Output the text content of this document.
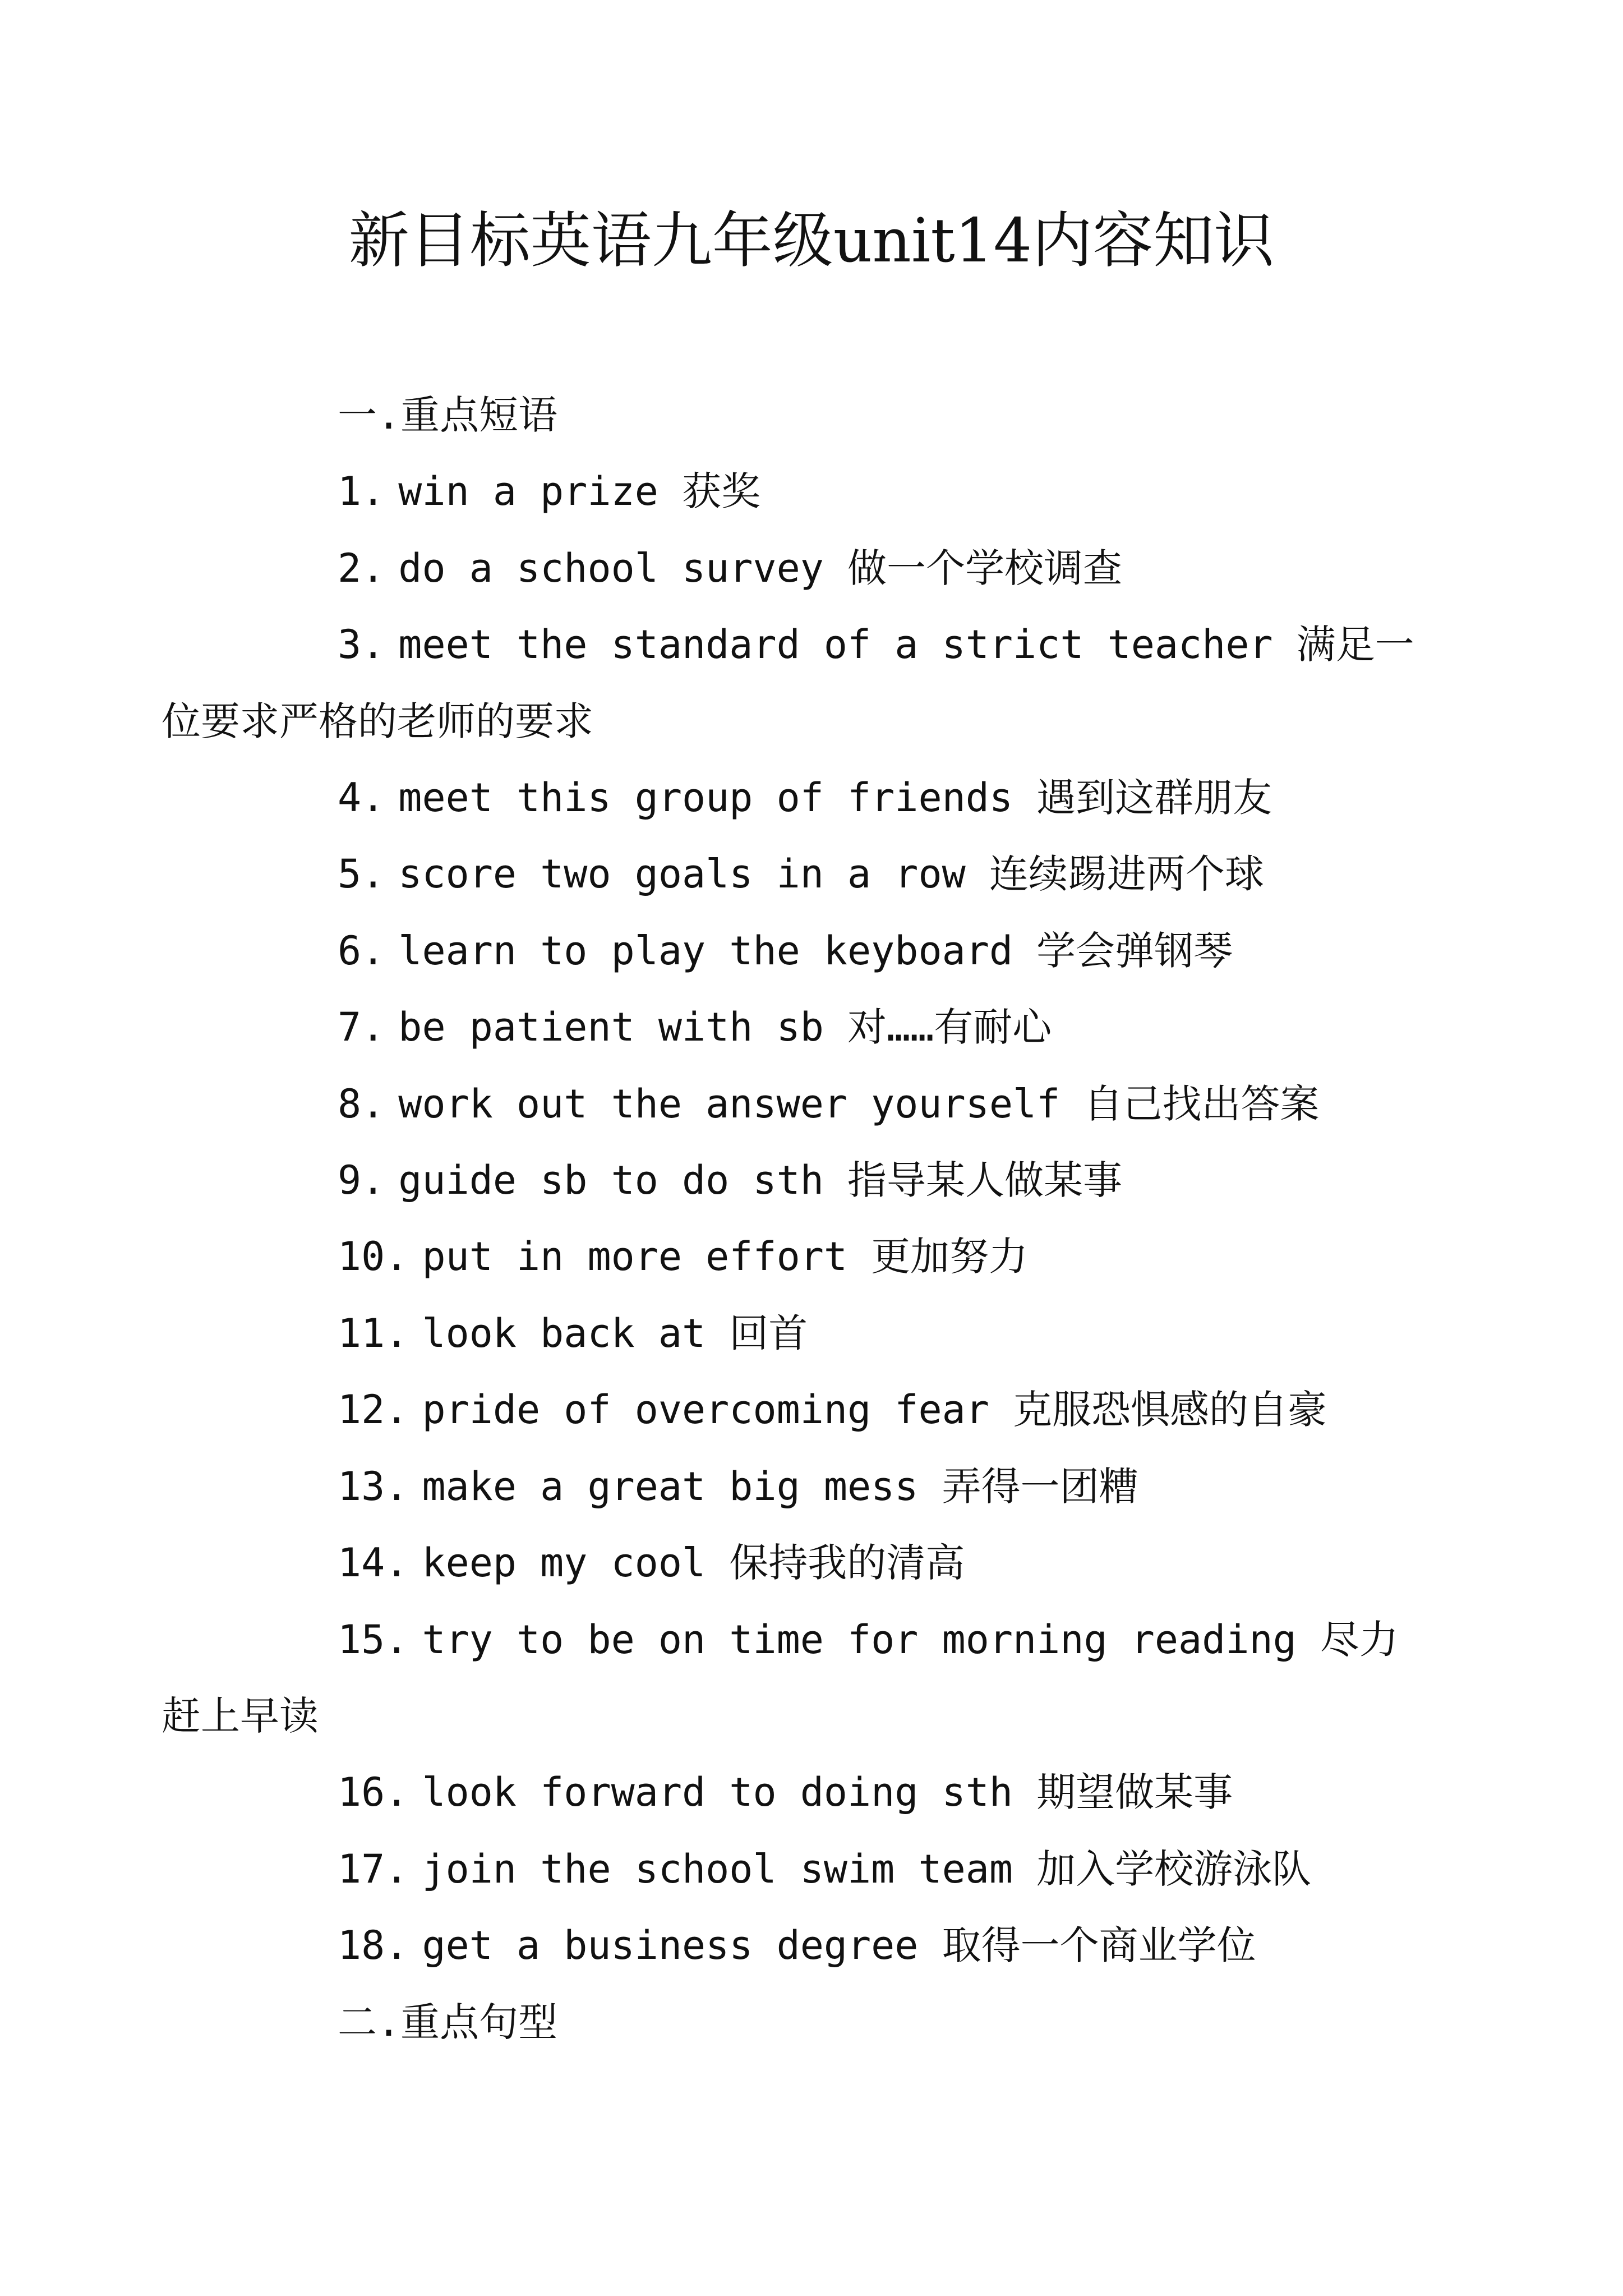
新目标英语九年级unit14内容知识

一.重点短语

1. win a prize 获奖

2. do a school survey 做一个学校调查

3. meet the standard of a strict teacher 满足一

位要求严格的老师的要求

4. meet this group of friends 遇到这群朋友

5. score two goals in a row 连续踢进两个球

6. learn to play the keyboard 学会弹钢琴

7. be patient with sb 对……有耐心

8. work out the answer yourself 自己找出答案

9. guide sb to do sth 指导某人做某事

10. put in more effort 更加努力

11. look back at 回首

12. pride of overcoming fear 克服恐惧感的自豪

13. make a great big mess 弄得一团糟

14. keep my cool 保持我的清高

15. try to be on time for morning reading 尽力

赶上早读

16. look forward to doing sth 期望做某事

17. join the school swim team 加入学校游泳队

18. get a business degree 取得一个商业学位

二.重点句型
